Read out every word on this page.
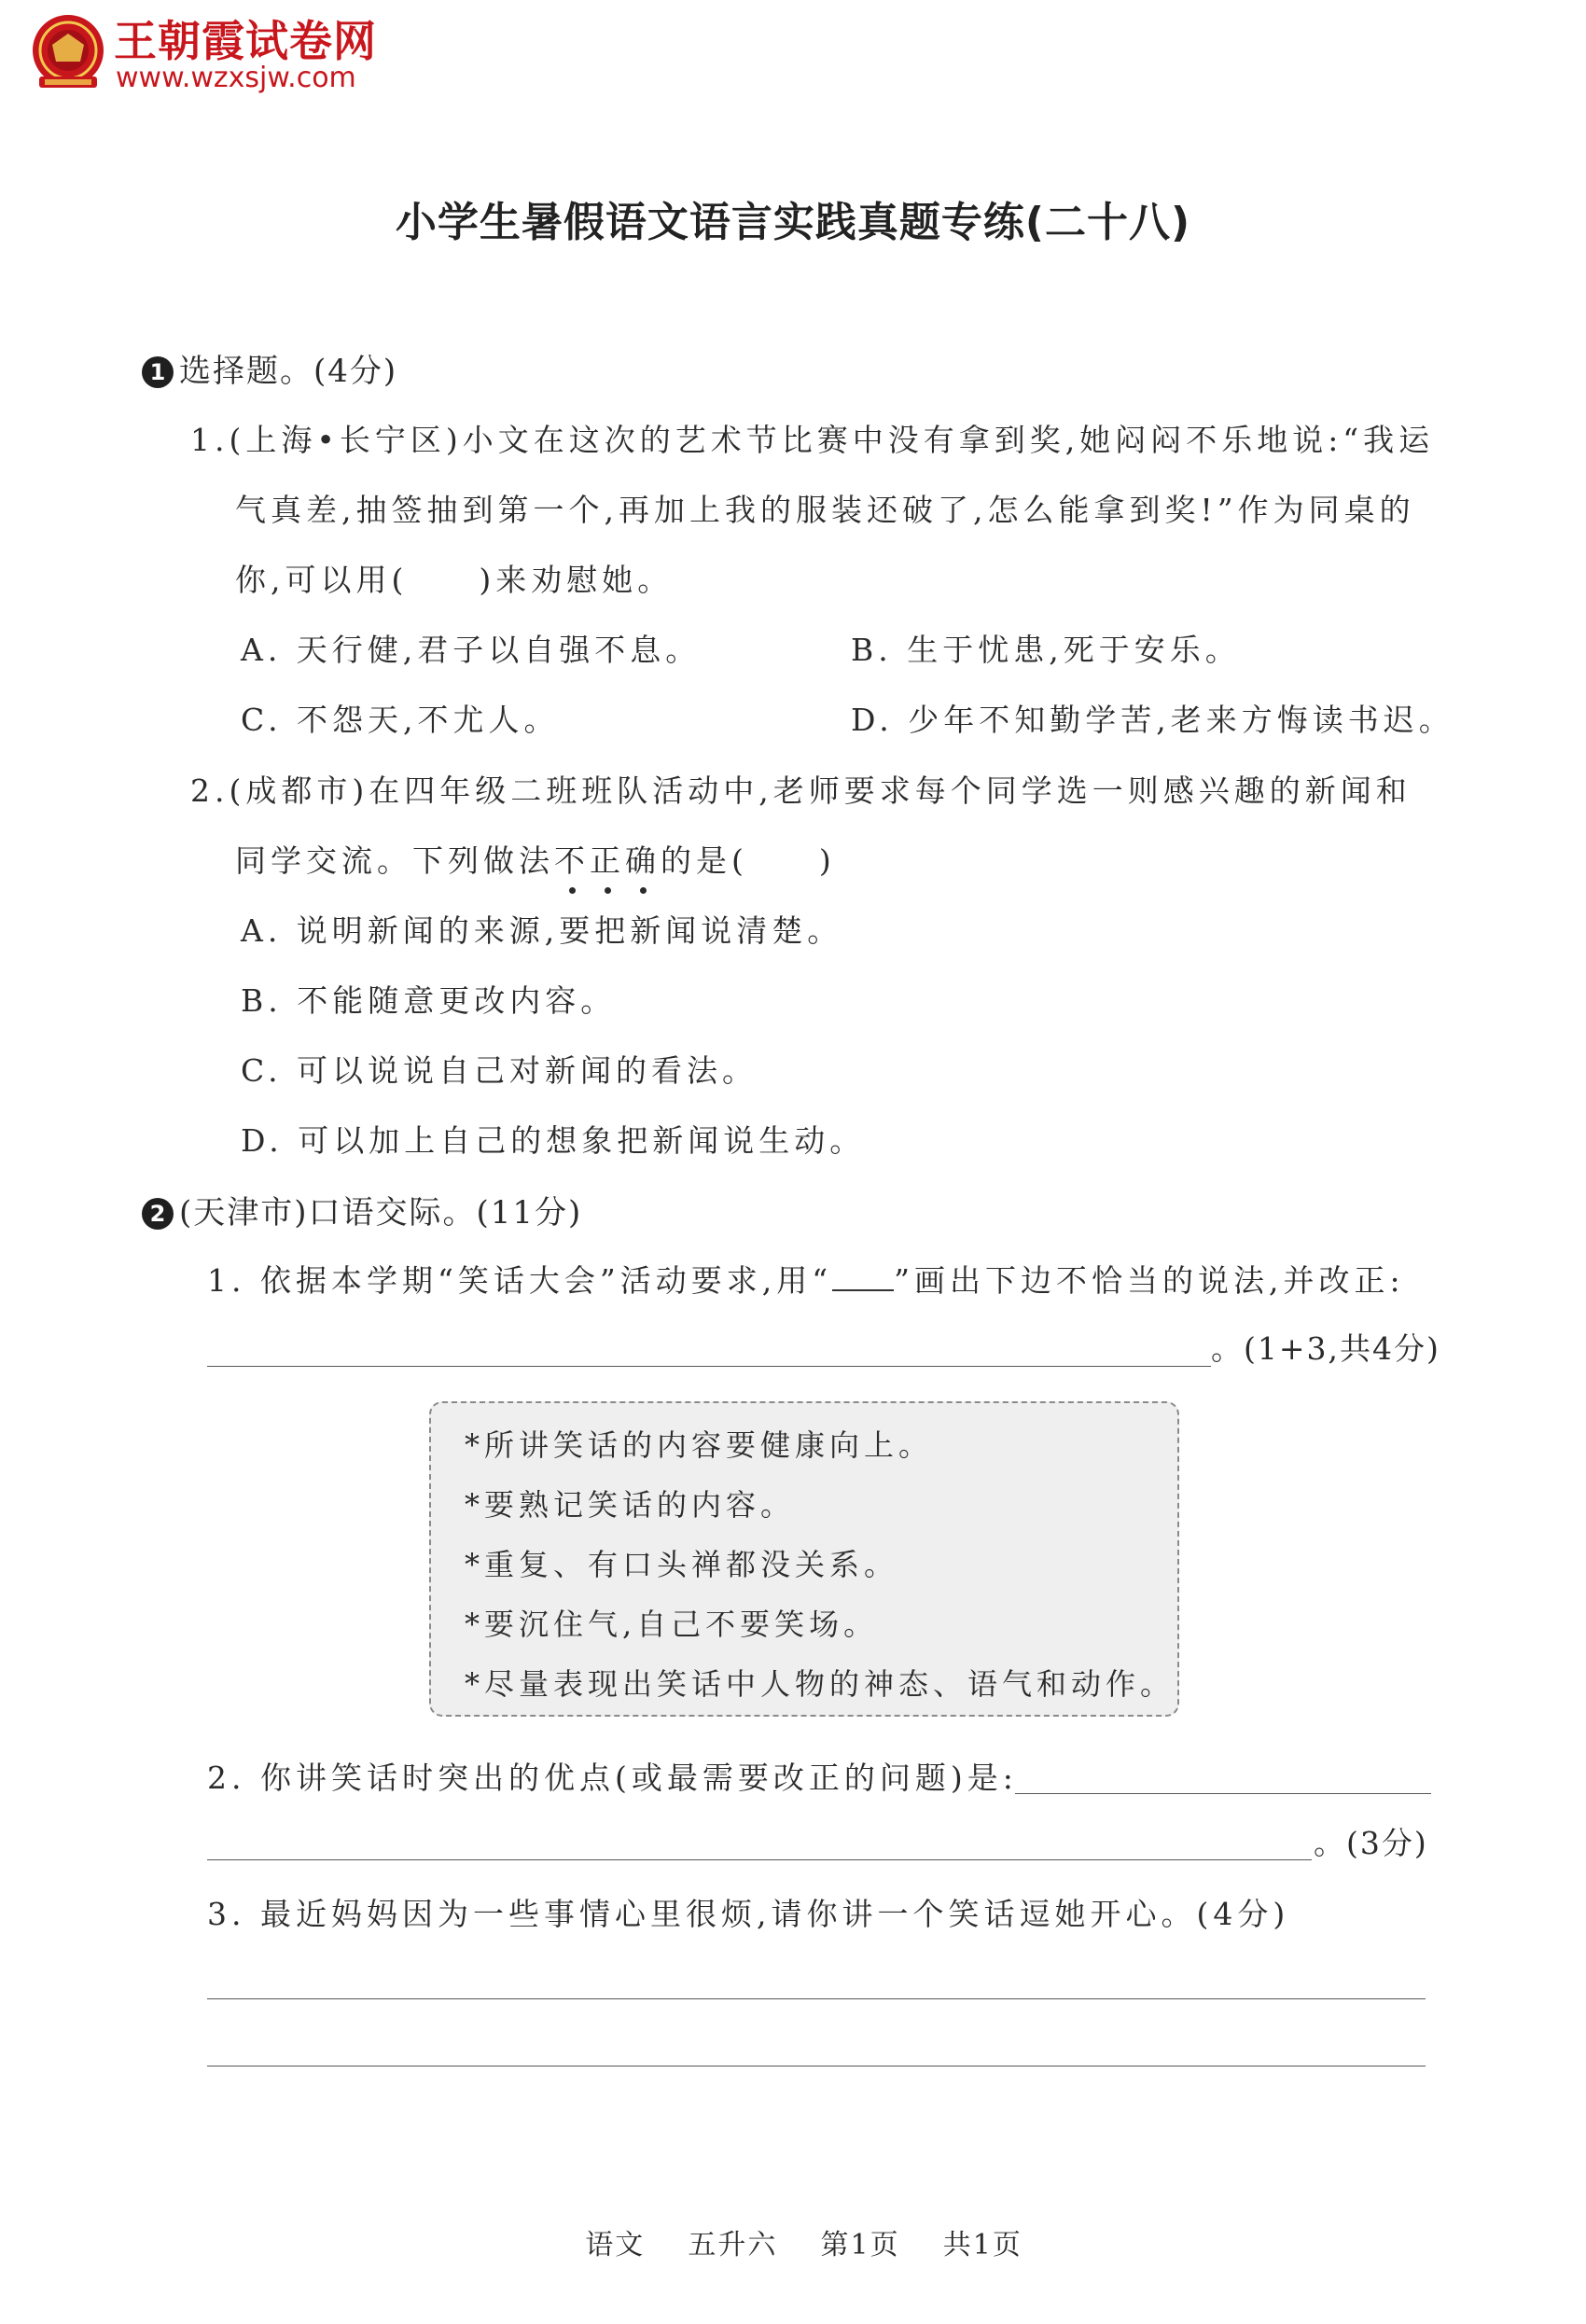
王朝霞试卷网
www.wzxsjw.com
小学生暑假语文语言实践真题专练(二十八)
1 选择题。(4分)
1.(上海•长宁区)小文在这次的艺术节比赛中没有拿到奖,她闷闷不乐地说:“我运
气真差,抽签抽到第一个,再加上我的服装还破了,怎么能拿到奖!”作为同桌的
你,可以用(　　)来劝慰她。
A. 天行健,君子以自强不息。	B. 生于忧患,死于安乐。
C. 不怨天,不尤人。	D. 少年不知勤学苦,老来方悔读书迟。
2.(成都市)在四年级二班班队活动中,老师要求每个同学选一则感兴趣的新闻和
同学交流。下列做法不正确的是(　　)
A. 说明新闻的来源,要把新闻说清楚。
B. 不能随意更改内容。
C. 可以说说自己对新闻的看法。
D. 可以加上自己的想象把新闻说生动。
2 (天津市)口语交际。(11分)
1. 依据本学期“笑话大会”活动要求,用“ ”画出下边不恰当的说法,并改正:
。(1+3,共4分)
*所讲笑话的内容要健康向上。
*要熟记笑话的内容。
*重复、有口头禅都没关系。
*要沉住气,自己不要笑场。
*尽量表现出笑话中人物的神态、语气和动作。
2. 你讲笑话时突出的优点(或最需要改正的问题)是:
。(3分)
3. 最近妈妈因为一些事情心里很烦,请你讲一个笑话逗她开心。(4分)

语文 五升六 第1页 共1页
